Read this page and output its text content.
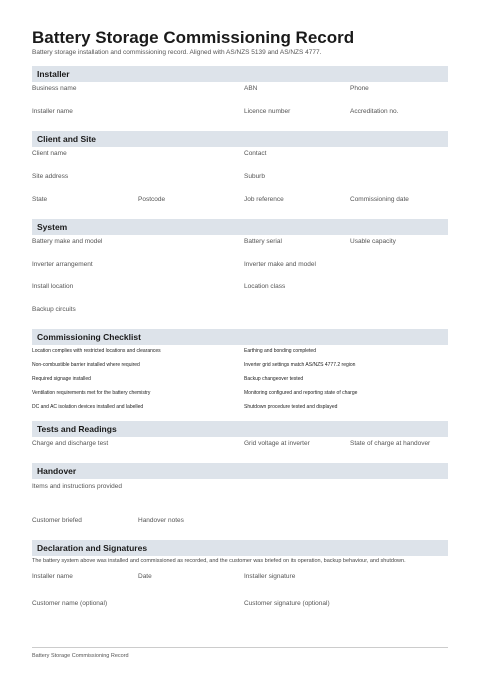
Battery Storage Commissioning Record
Battery storage installation and commissioning record. Aligned with AS/NZS 5139 and AS/NZS 4777.
Installer
Business name	ABN	Phone
Installer name	Licence number	Accreditation no.
Client and Site
Client name	Contact
Site address	Suburb
State	Postcode	Job reference	Commissioning date
System
Battery make and model	Battery serial	Usable capacity
Inverter arrangement	Inverter make and model
Install location	Location class
Backup circuits
Commissioning Checklist
Location complies with restricted locations and clearances	Earthing and bonding completed
Non-combustible barrier installed where required	Inverter grid settings match AS/NZS 4777.2 region
Required signage installed	Backup changeover tested
Ventilation requirements met for the battery chemistry	Monitoring configured and reporting state of charge
DC and AC isolation devices installed and labelled	Shutdown procedure tested and displayed
Tests and Readings
Charge and discharge test	Grid voltage at inverter	State of charge at handover
Handover
Items and instructions provided
Customer briefed	Handover notes
Declaration and Signatures
The battery system above was installed and commissioned as recorded, and the customer was briefed on its operation, backup behaviour, and shutdown.
Installer name	Date	Installer signature
Customer name (optional)	Customer signature (optional)
Battery Storage Commissioning Record
